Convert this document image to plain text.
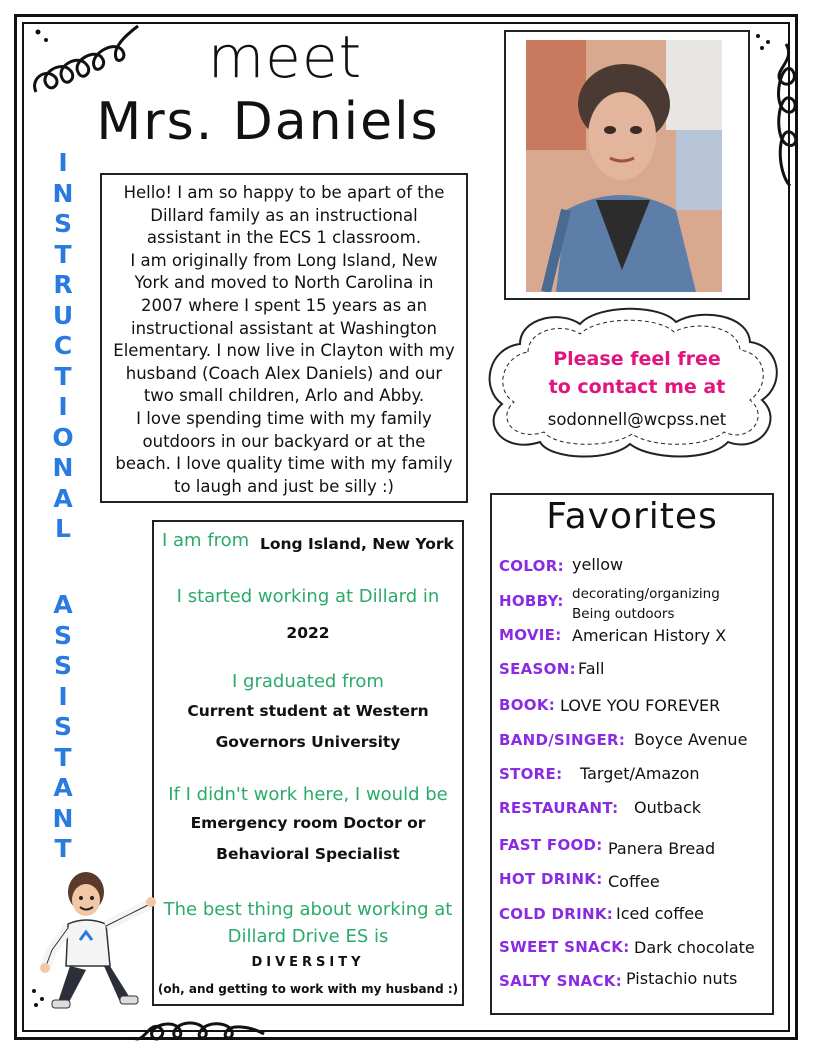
meet
Mrs. Daniels
I
N
S
T
R
U
C
T
I
O
N
A
L
A
S
S
I
S
T
A
N
T
Hello! I am so happy to be apart of the
Dillard family as an instructional
assistant in the ECS 1 classroom.
I am originally from Long Island, New
York and moved to North Carolina in
2007 where I spent 15 years as an
instructional assistant at Washington
Elementary. I now live in Clayton with my
husband (Coach Alex Daniels) and our
two small children, Arlo and Abby.
I love spending time with my family
outdoors in our backyard or at the
beach. I love quality time with my family
to laugh and just be silly :)
Please feel free
to contact me at
sodonnell@wcpss.net
I am from Long Island, New York
I started working at Dillard in
2022
I graduated from
Current student at Western
Governors University
If I didn't work here, I would be
Emergency room Doctor or
Behavioral Specialist
The best thing about working at
Dillard Drive ES is
DIVERSITY
(oh, and getting to work with my husband :)
Favorites
COLOR: yellow
HOBBY: decorating/organizing
Being outdoors
MOVIE: American History X
SEASON: Fall
BOOK: LOVE YOU FOREVER
BAND/SINGER: Boyce Avenue
STORE: Target/Amazon
RESTAURANT: Outback
FAST FOOD: Panera Bread
HOT DRINK: Coffee
COLD DRINK: Iced coffee
SWEET SNACK: Dark chocolate
SALTY SNACK: Pistachio nuts
